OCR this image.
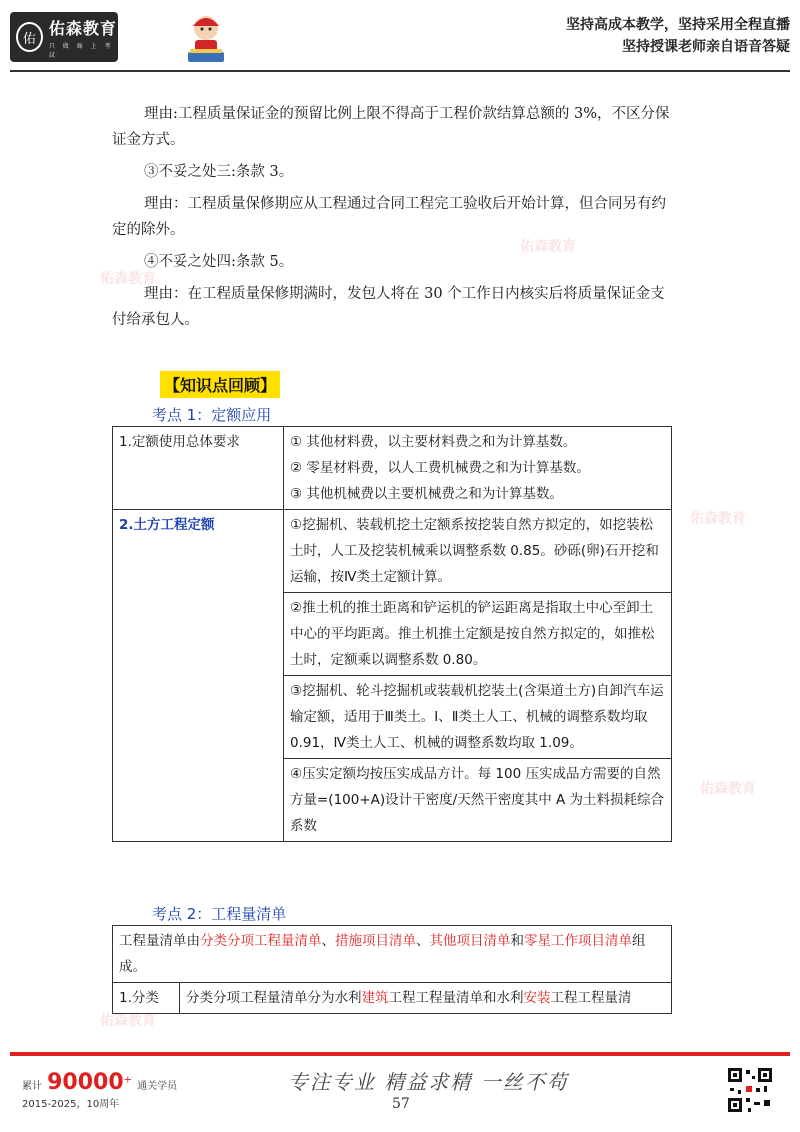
佑
佑森教育
只 做 線 上 考 試
坚持高成本教学，坚持采用全程直播
坚持授课老师亲自语音答疑
佑森教育
佑森教育
佑森教育
佑森教育
佑森教育

理由:工程质量保证金的预留比例上限不得高于工程价款结算总额的 3%，不区分保证金方式。

③不妥之处三:条款 3。

理由：工程质量保修期应从工程通过合同工程完工验收后开始计算，但合同另有约定的除外。

④不妥之处四:条款 5。

理由：在工程质量保修期满时，发包人将在 30 个工作日内核实后将质量保证金支付给承包人。

【知识点回顾】
考点 1：定额应用
1.定额使用总体要求	① 其他材料费，以主要材料费之和为计算基数。
② 零星材料费，以人工费机械费之和为计算基数。
③ 其他机械费以主要机械费之和为计算基数。

2.土方工程定额	①挖掘机、装载机挖土定额系按挖装自然方拟定的，如挖装松土时，人工及挖装机械乘以调整系数 0.85。砂砾(卵)石开挖和运输，按Ⅳ类土定额计算。
	②推土机的推土距离和铲运机的铲运距离是指取土中心至卸土中心的平均距离。推土机推土定额是按自然方拟定的，如推松土时，定额乘以调整系数 0.80。
	③挖掘机、轮斗挖掘机或装载机挖装土(含渠道土方)自卸汽车运输定额，适用于Ⅲ类土。Ⅰ、Ⅱ类土人工、机械的调整系数均取 0.91，Ⅳ类土人工、机械的调整系数均取 1.09。
	④压实定额均按压实成品方计。每 100 压实成品方需要的自然方量=(100+A)设计干密度/天然干密度其中 A 为土料损耗综合系数
考点 2：工程量清单
工程量清单由分类分项工程量清单、措施项目清单、其他项目清单和零星工作项目清单组成。
1.分类	分类分项工程量清单分为水利建筑工程工程量清单和水利安装工程工程量清
累计 90000+ 通关学员
2015-2025，10周年
专注专业 精益求精 一丝不苟
57
